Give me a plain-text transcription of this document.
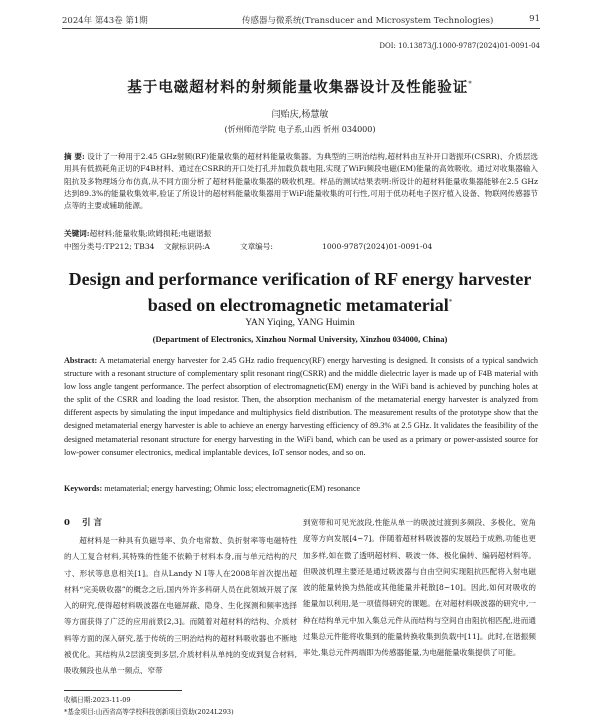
2024年 第43卷 第1期	传感器与微系统(Transducer and Microsystem Technologies)	91
DOI: 10.13873/J.1000-9787(2024)01-0091-04
基于电磁超材料的射频能量收集器设计及性能验证*
闫贻庆,杨慧敏
(忻州师范学院 电子系,山西 忻州 034000)
摘 要: 设计了一种用于2.45 GHz射频(RF)能量收集的超材料能量收集器。为典型的三明治结构,超材料由互补开口谐振环(CSRR)、介质层选用具有低损耗角正切的F4B材料、通过在CSRR的开口处打孔并加载负载电阻,实现了WiFi频段电磁(EM)能量的高效吸收。通过对收集器输入阻抗及多物理场分布仿真,从不同方面分析了超材料能量收集器的吸收机理。样品的测试结果表明:所设计的超材料能量收集器能够在2.5 GHz达到89.3%的能量收集效率,验证了所设计的超材料能量收集器用于WiFi能量收集的可行性,可用于低功耗电子医疗植入设备、物联网传感器节点等的主要或辅助能源。
关键词:超材料;能量收集;欧姆损耗;电磁谐振
中图分类号:TP212; TB34 文献标识码:A	文章编号:	1000-9787(2024)01-0091-04
Design and performance verification of RF energy harvester
based on electromagnetic metamaterial*
YAN Yiqing, YANG Huimin
(Department of Electronics, Xinzhou Normal University, Xinzhou 034000, China)
Abstract: A metamaterial energy harvester for 2.45 GHz radio frequency(RF) energy harvesting is designed. It consists of a typical sandwich structure with a resonant structure of complementary split resonant ring(CSRR) and the middle dielectric layer is made up of F4B material with low loss angle tangent performance. The perfect absorption of electromagnetic(EM) energy in the WiFi band is achieved by punching holes at the split of the CSRR and loading the load resistor. Then, the absorption mechanism of the metamaterial energy harvester is analyzed from different aspects by simulating the input impedance and multiphysics field distribution. The measurement results of the prototype show that the designed metamaterial energy harvester is able to achieve an energy harvesting efficiency of 89.3% at 2.5 GHz. It validates the feasibility of the designed metamaterial resonant structure for energy harvesting in the WiFi band, which can be used as a primary or power-assisted source for low-power consumer electronics, medical implantable devices, IoT sensor nodes, and so on.
Keywords: metamaterial; energy harvesting; Ohmic loss; electromagnetic(EM) resonance
0 引 言

超材料是一种具有负磁导率、负介电常数、负折射率等电磁特性的人工复合材料,其特殊的性能不依赖于材料本身,而与单元结构的尺寸、形状等息息相关[1]。自从Landy N I等人在2008年首次提出超材料“完美吸收器”的概念之后,国内外许多科研人员在此领域开展了深入的研究,使得超材料吸波器在电磁屏蔽、隐身、生化探测和频率选择等方面获得了广泛的应用前景[2,3]。而随着对超材料的结构、介质材料等方面的深入研究,基于传统的三明治结构的超材料吸收器也不断地被优化。其结构从2层演变到多层,介质材料从单纯的变成到复合材料,吸收频段也从单一频点、窄带

到宽带和可见光波段,性能从单一的吸波过渡到多频段、多极化、宽角度等方向发展[4~7]。伴随着超材料吸波器的发展趋于成熟,功能也更加多样,如在微了透明超材料、吸波一体、极化偏转、编码超材料等。但吸波机理主要还是通过吸波器与自由空间实现阻抗匹配将入射电磁波的能量转换为热能或其他能量并耗散[8~10]。因此,如何对吸收的能量加以利用,是一项值得研究的课题。在对超材料吸波器的研究中,一种在结构单元中加入集总元件从而结构与空间自由阻抗相匹配,进而通过集总元件能将收集到的能量转换收集到负载中[11]。此时,在谐振频率处,集总元件两端即为传感器能量,为电磁能量收集提供了可能。

收稿日期:2023-11-09
*基金项目:山西省高等学校科技创新项目资助(2024L293)
